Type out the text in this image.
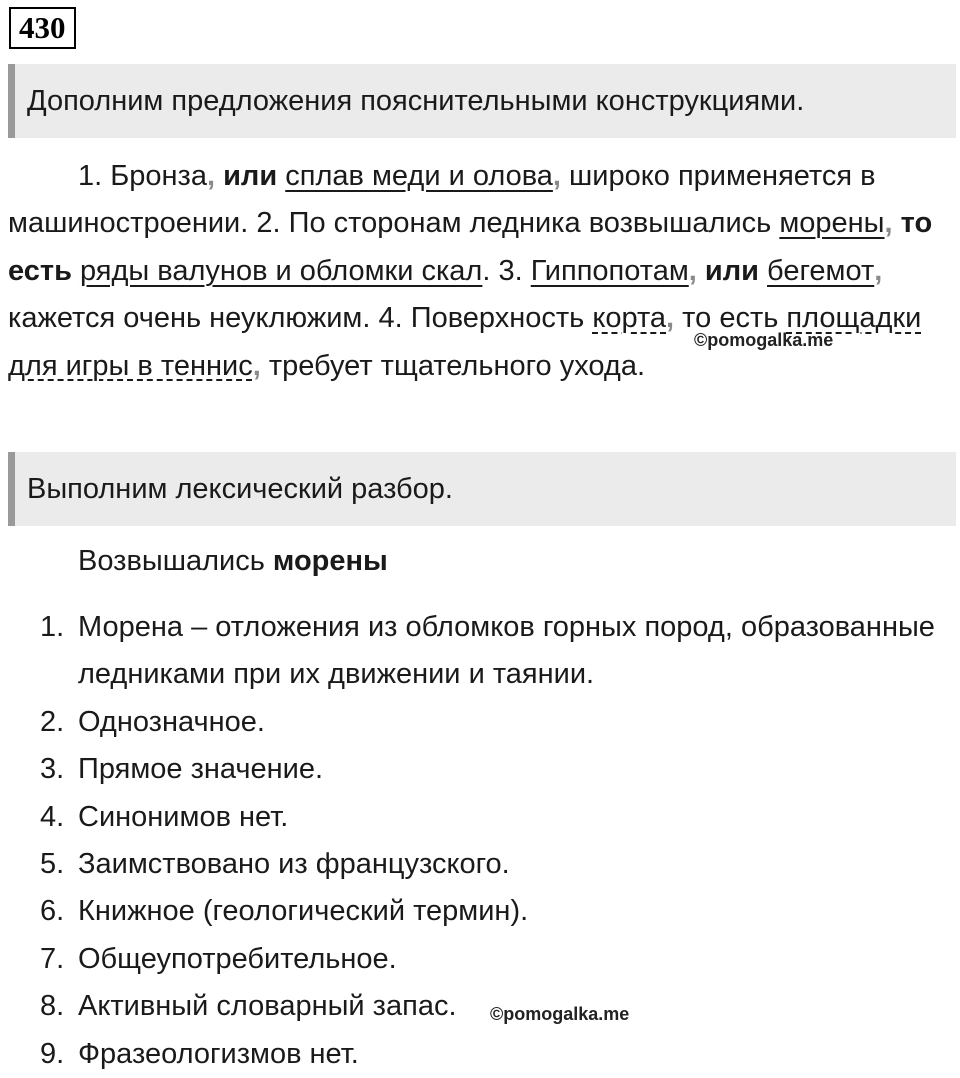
430
Дополним предложения пояснительными конструкциями.

1. Бронза, или сплав меди и олова, широко применяется в машиностроении. 2. По сторонам ледника возвышались морены, то есть ряды валунов и обломки скал. 3. Гиппопотам, или бегемот, кажется очень неуклюжим. 4. Поверхность корта, то есть площадки для игры в теннис, требует тщательного ухода.

©pomogalka.me
Выполним лексический разбор.
Возвышались морены
1. Морена – отложения из обломков горных пород, образованные ледниками при их движении и таянии.
2. Однозначное.
3. Прямое значение.
4. Синонимов нет.
5. Заимствовано из французского.
6. Книжное (геологический термин).
7. Общеупотребительное.
8. Активный словарный запас.
9. Фразеологизмов нет.
©pomogalka.me
